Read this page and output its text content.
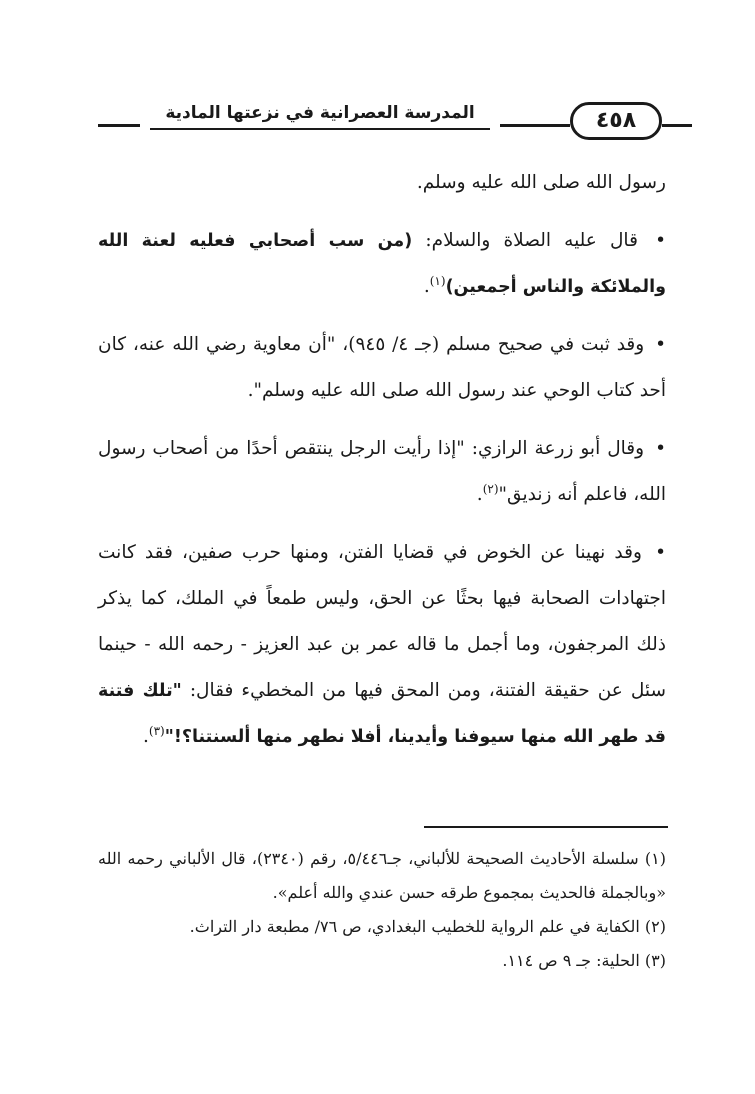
المدرسة العصرانية في نزعتها المادية	٤٥٨

رسول الله صلى الله عليه وسلم.

• قال عليه الصلاة والسلام: (من سب أصحابي فعليه لعنة الله والملائكة والناس أجمعين)$^{(١)}$.

• وقد ثبت في صحيح مسلم (جـ ٤/ ٩٤٥)، "أن معاوية رضي الله عنه، كان أحد كتاب الوحي عند رسول الله صلى الله عليه وسلم".

• وقال أبو زرعة الرازي: "إذا رأيت الرجل ينتقص أحدًا من أصحاب رسول الله، فاعلم أنه زنديق"$^{(٢)}$.

• وقد نهينا عن الخوض في قضايا الفتن، ومنها حرب صفين، فقد كانت اجتهادات الصحابة فيها بحثًا عن الحق، وليس طمعاً في الملك، كما يذكر ذلك المرجفون، وما أجمل ما قاله عمر بن عبد العزيز - رحمه الله - حينما سئل عن حقيقة الفتنة، ومن المحق فيها من المخطيء فقال: "تلك فتنة قد طهر الله منها سيوفنا وأيدينا، أفلا نطهر منها ألسنتنا؟!"$^{(٣)}$.

(١) سلسلة الأحاديث الصحيحة للألباني، جـ٥/٤٤٦، رقم (٢٣٤٠)، قال الألباني رحمه الله «وبالجملة فالحديث بمجموع طرقه حسن عندي والله أعلم».

(٢) الكفاية في علم الرواية للخطيب البغدادي، ص ٧٦/ مطبعة دار التراث.

(٣) الحلية: جـ ٩ ص ١١٤.
